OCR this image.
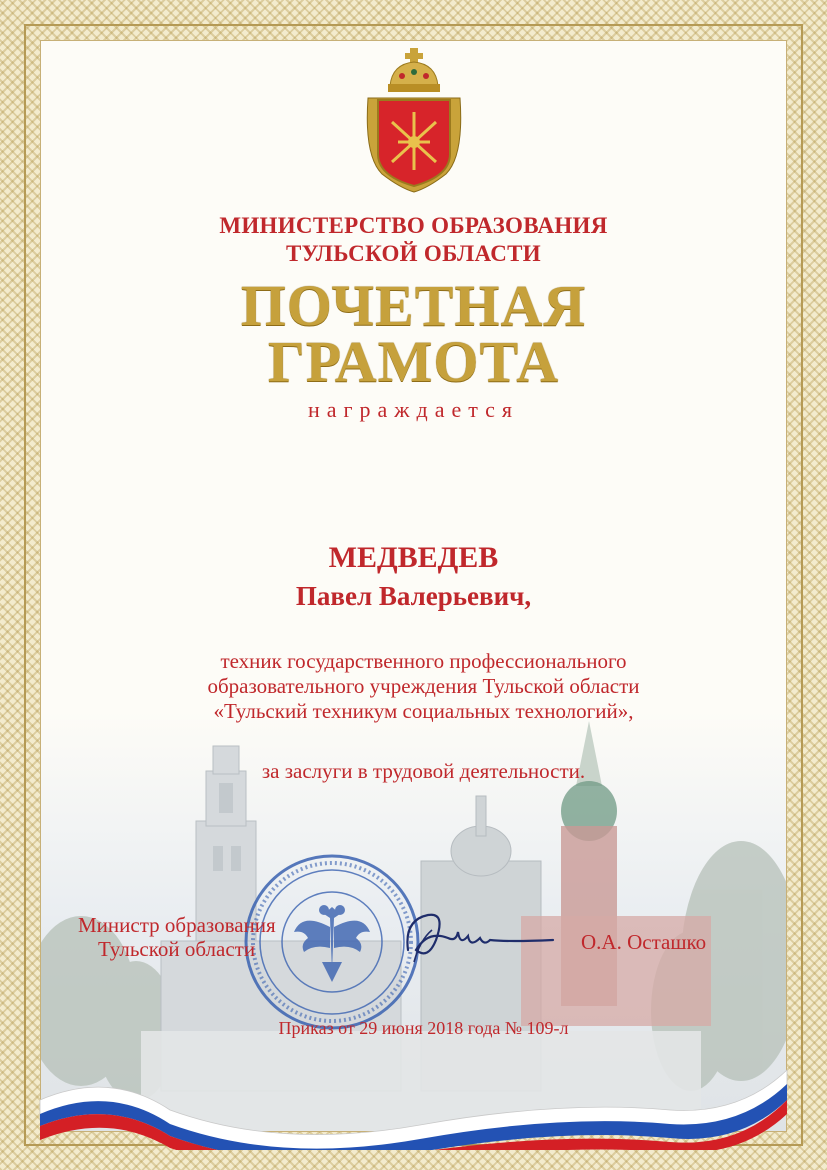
МИНИСТЕРСТВО ОБРАЗОВАНИЯ
ТУЛЬСКОЙ ОБЛАСТИ
ПОЧЕТНАЯ
ГРАМОТА
награждается
МЕДВЕДЕВ
Павел Валерьевич,
техник государственного профессионального
образовательного учреждения Тульской области
«Тульский техникум социальных технологий»,
за заслуги в трудовой деятельности.
Министр образования
Тульской области	О.А. Осташко
Приказ от 29 июня 2018 года № 109-л
